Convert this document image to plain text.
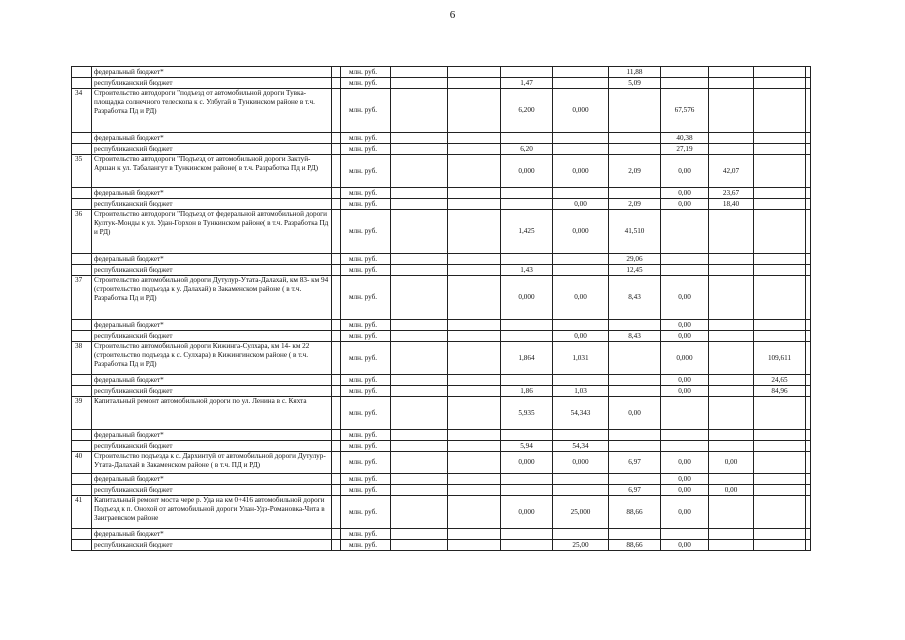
6
	федеральный бюджет*		млн. руб.					11,88				
	республиканский бюджет		млн. руб.			1,47		5,09				
34	Строительство автодороги "подъезд от автомобильной дороги Тувка-площадка солнечного телескопа к с. Улбугай в Тункинском районе в т.ч. Разработка Пд и РД)		млн. руб.			6,200	0,000		67,576			
	федеральный бюджет*		млн. руб.						40,38			
	республиканский бюджет		млн. руб.			6,20			27,19			
35	Строительство автодороги "Подъезд от автомобильной дороги Зактуй-Аршан к ул. Табалангут в Тункинском районе( в т.ч. Разработка Пд и РД)		млн. руб.			0,000	0,000	2,09	0,00	42,07		
	федеральный бюджет*		млн. руб.						0,00	23,67		
	республиканский бюджет		млн. руб.				0,00	2,09	0,00	18,40		
36	Строительство автодороги "Подъезд от федеральной автомобильной дороги Култук-Монды к ул. Удан-Горхон в Тункинском районе( в т.ч. Разработка Пд и РД)		млн. руб.			1,425	0,000	41,510				
	федеральный бюджет*		млн. руб.					29,06				
	республиканский бюджет		млн. руб.			1,43		12,45				
37	Строительство автомобильной дороги Дутулур-Утата-Далахай, км 83- км 94 (строительство подъезда к у. Далахай) в Закаменском районе ( в т.ч. Разработка Пд и РД)		млн. руб.			0,000	0,00	8,43	0,00			
	федеральный бюджет*		млн. руб.						0,00			
	республиканский бюджет		млн. руб.				0,00	8,43	0,00			
38	Строительство автомобильной дороги Кижинга-Сулхара, км 14- км 22 (строительство подъезда к с. Сулхара) в Кижингинском районе ( в т.ч. Разработка Пд и РД)		млн. руб.			1,864	1,031		0,000		109,611	
	федеральный бюджет*		млн. руб.						0,00		24,65	
	республиканский бюджет		млн. руб.			1,86	1,03		0,00		84,96	
39	Капитальный ремонт автомобильной дороги по ул. Ленина в с. Кяхта		млн. руб.			5,935	54,343	0,00				
	федеральный бюджет*		млн. руб.									
	республиканский бюджет		млн. руб.			5,94	54,34					
40	Строительство подъезда к с. Дархинтуй от автомобильной дороги Дутулур-Утата-Далахай в Закаменском районе ( в т.ч. ПД и РД)		млн. руб.			0,000	0,000	6,97	0,00	0,00		
	федеральный бюджет*		млн. руб.						0,00			
	республиканский бюджет		млн. руб.					6,97	0,00	0,00		
41	Капитальный ремонт моста чере р. Уда на км 0+416 автомобильной дороги Подъезд к п. Онохой от автомобильной дороги Улан-Удэ-Романовка-Чита в Заиграевском районе		млн. руб.			0,000	25,000	88,66	0,00			
	федеральный бюджет*		млн. руб.									
	республиканский бюджет		млн. руб.				25,00	88,66	0,00			
